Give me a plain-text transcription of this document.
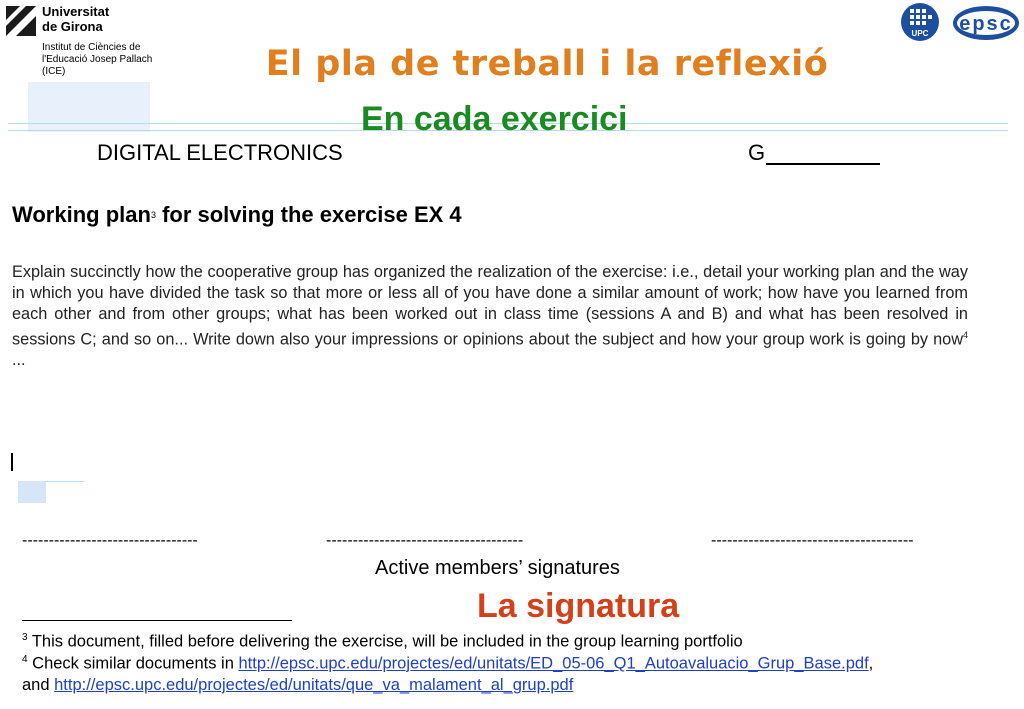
Universitat
de Girona
Institut de Ciències de
l'Educació Josep Pallach
(ICE)
UPC epsc
El pla de treball i la reflexió
En cada exercici
DIGITAL ELECTRONICS	G
Working plan$^3$ for solving the exercise EX 4
Explain succinctly how the cooperative group has organized the realization of the exercise: i.e., detail your working plan and the way in which you have divided the task so that more or less all of you have done a similar amount of work; how have you learned from each other and from other groups; what has been worked out in class time (sessions A and B) and what has been resolved in sessions C; and so on... Write down also your impressions or opinions about the subject and how your group work is going by now$^4$ ...
---------------------------------	-------------------------------------	--------------------------------------
Active members’ signatures
La signatura
$^3$ This document, filled before delivering the exercise, will be included in the group learning portfolio
$^4$ Check similar documents in http://epsc.upc.edu/projectes/ed/unitats/ED_05-06_Q1_Autoavaluacio_Grup_Base.pdf,
and http://epsc.upc.edu/projectes/ed/unitats/que_va_malament_al_grup.pdf
